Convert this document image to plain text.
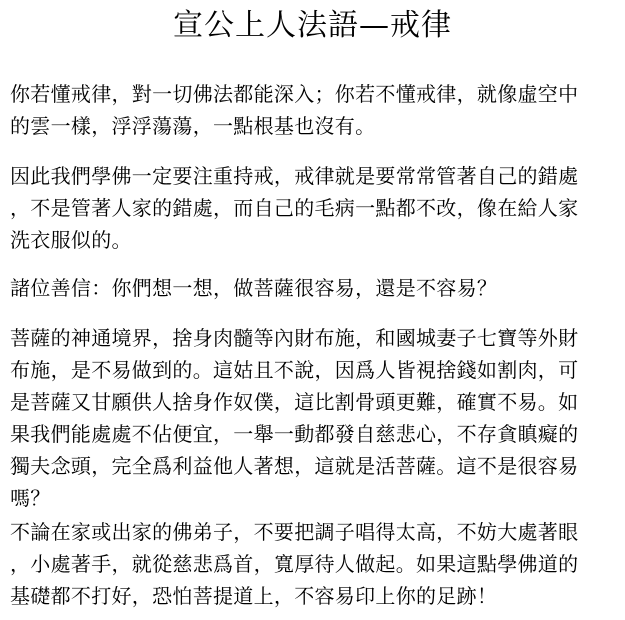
宣公上人法語—戒律
你若懂戒律，對一切佛法都能深入；你若不懂戒律，就像虛空中
的雲一樣，浮浮蕩蕩，一點根基也沒有。
因此我們學佛一定要注重持戒，戒律就是要常常管著自己的錯處
，不是管著人家的錯處，而自己的毛病一點都不改，像在給人家
洗衣服似的。
諸位善信：你們想一想，做菩薩很容易，還是不容易？
菩薩的神通境界，捨身肉髓等內財布施，和國城妻子七寶等外財
布施，是不易做到的。這姑且不說，因爲人皆視捨錢如割肉，可
是菩薩又甘願供人捨身作奴僕，這比割骨頭更難，確實不易。如
果我們能處處不佔便宜，一舉一動都發自慈悲心，不存貪瞋癡的
獨夫念頭，完全爲利益他人著想，這就是活菩薩。這不是很容易
嗎？
不論在家或出家的佛弟子，不要把調子唱得太高，不妨大處著眼
，小處著手，就從慈悲爲首，寬厚待人做起。如果這點學佛道的
基礎都不打好，恐怕菩提道上，不容易印上你的足跡！
